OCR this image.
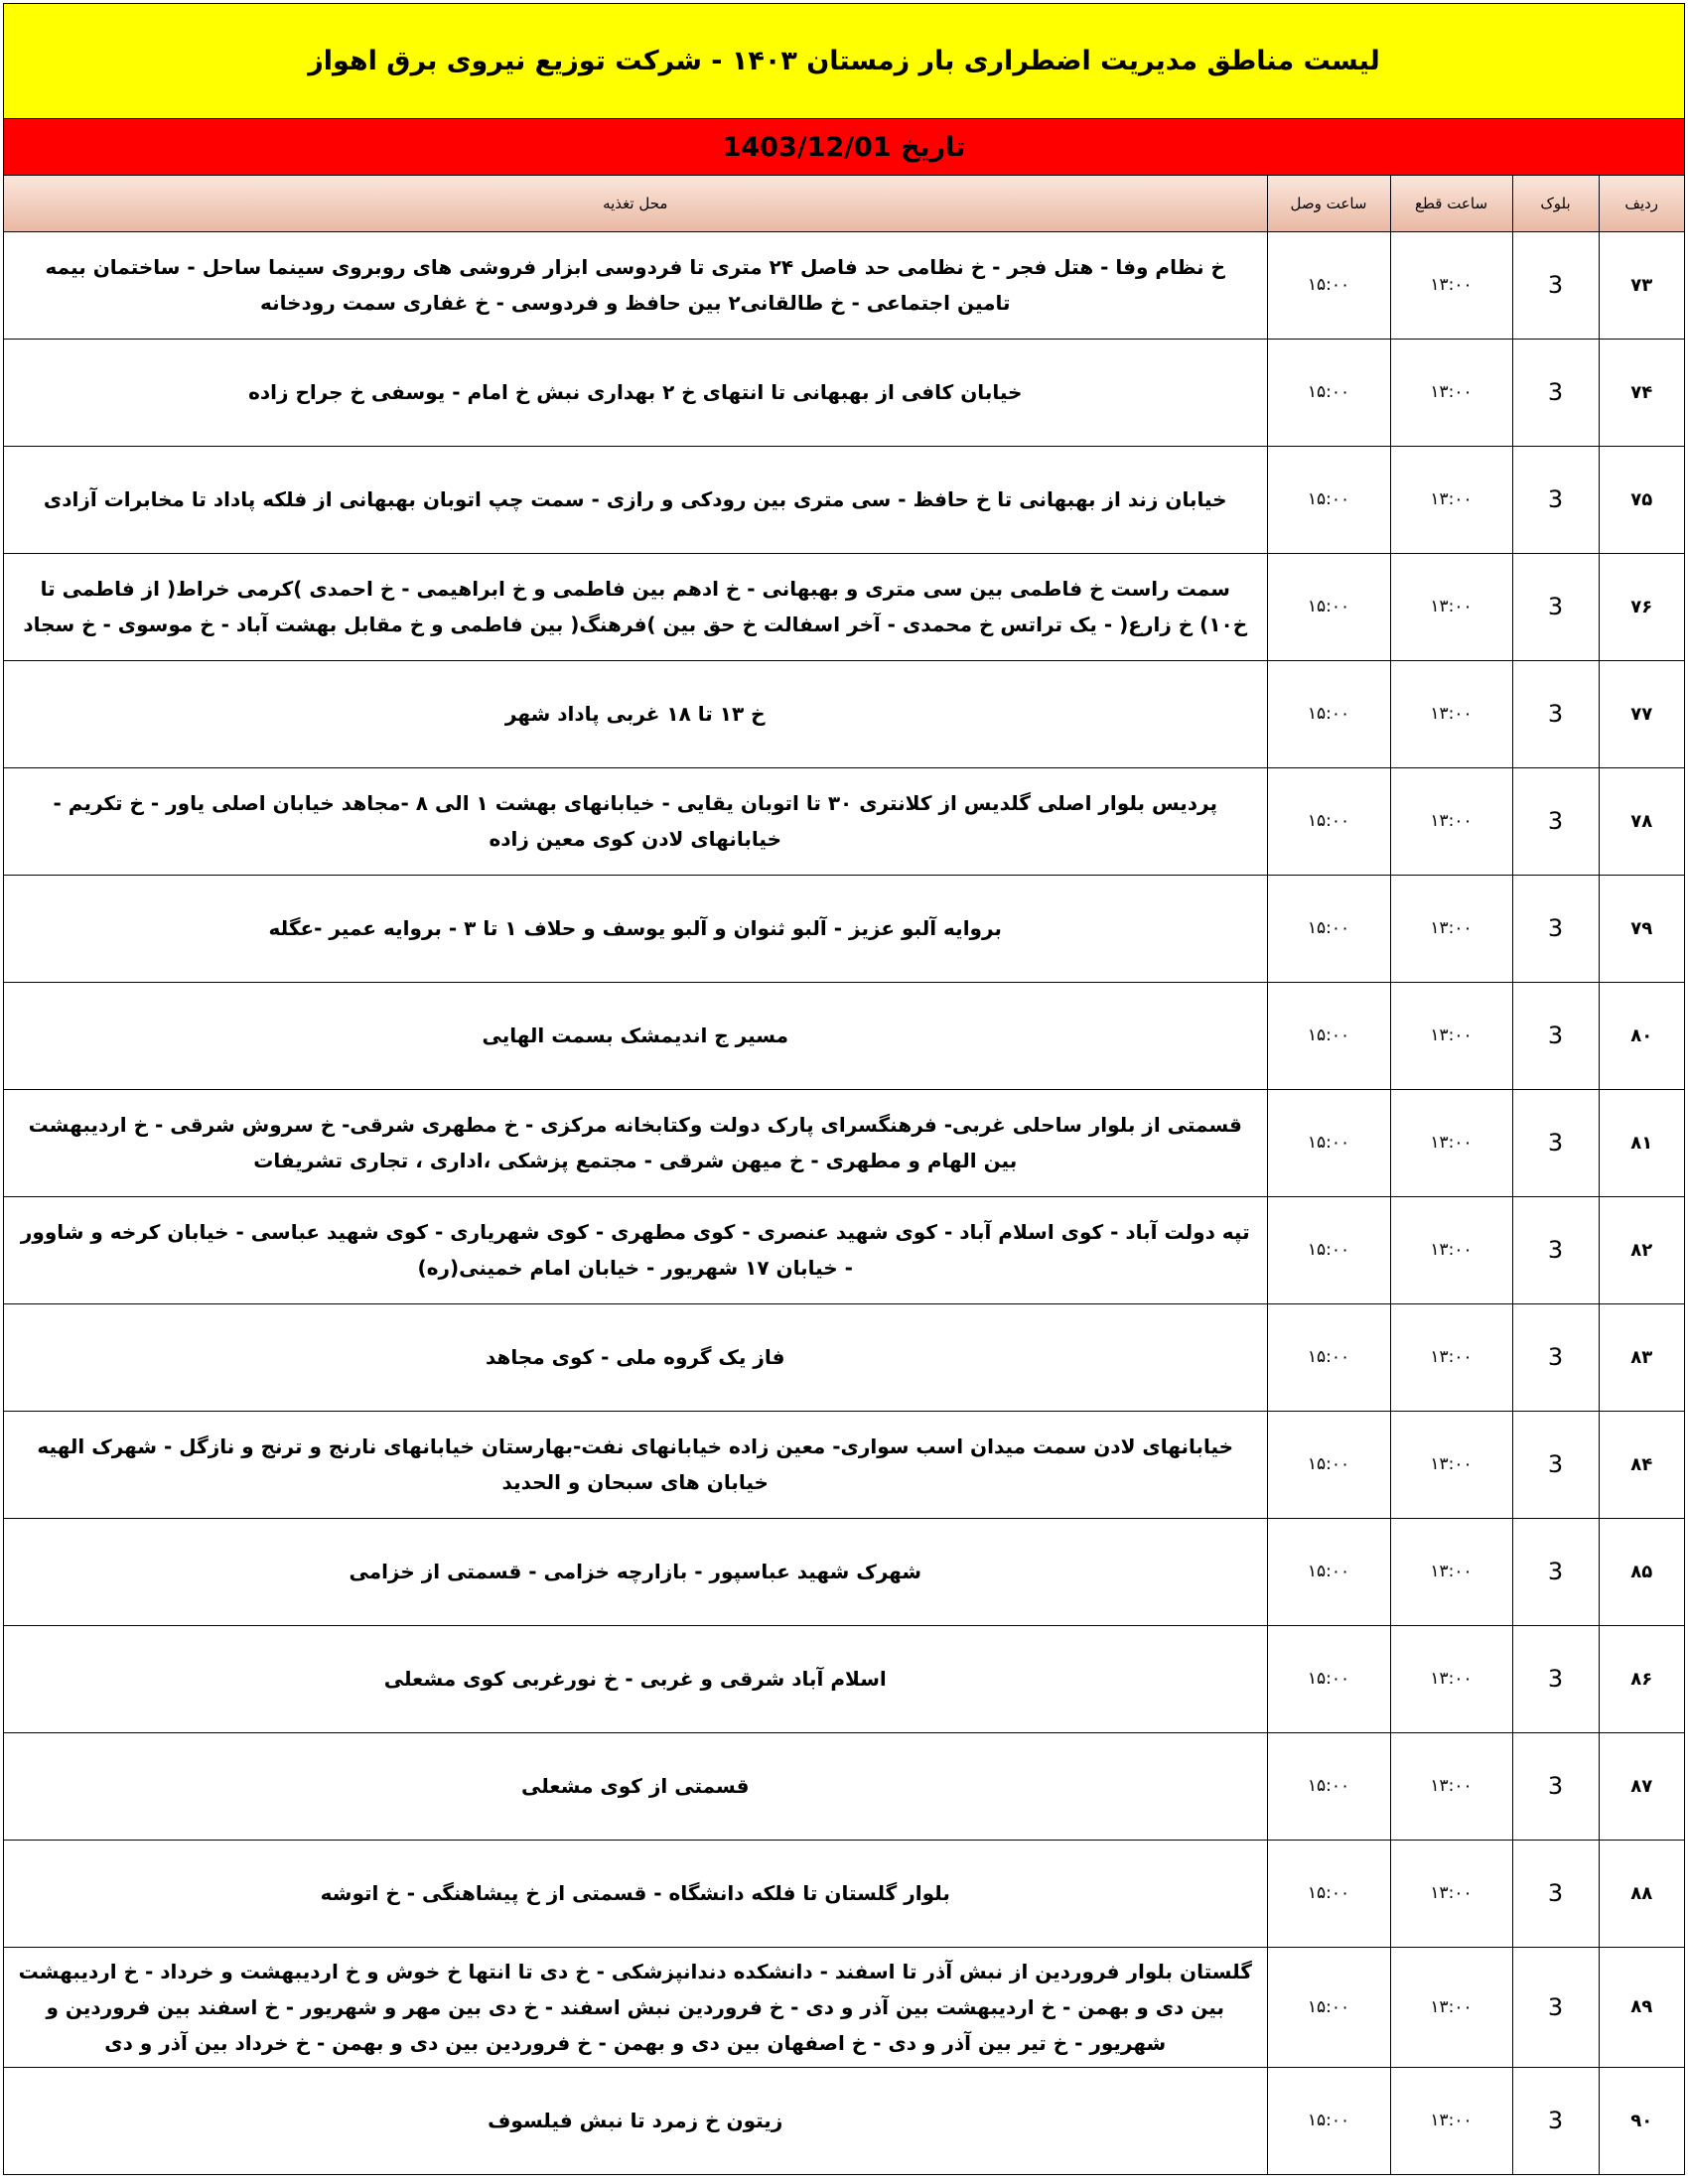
لیست مناطق مدیریت اضطراری بار زمستان ۱۴۰۳ - شرکت توزیع نیروی برق اهواز
تاریخ 1403/12/01
ردیف	بلوک	ساعت قطع	ساعت وصل	محل تغذیه
۷۳	3	۱۳:۰۰	۱۵:۰۰	خ نظام وفا - هتل فجر - خ نظامی حد فاصل ۲۴ متری تا فردوسی ابزار فروشی های روبروی سینما ساحل - ساختمان بیمه تامین اجتماعی - خ طالقانی۲ بین حافظ و فردوسی - خ غفاری سمت رودخانه
۷۴	3	۱۳:۰۰	۱۵:۰۰	خیابان کافی از بهبهانی تا انتهای خ ۲ بهداری نبش خ امام - یوسفی خ جراح زاده
۷۵	3	۱۳:۰۰	۱۵:۰۰	خیابان زند از بهبهانی تا خ حافظ - سی متری بین رودکی و رازی - سمت چپ اتوبان بهبهانی از فلکه پاداد تا مخابرات آزادی
۷۶	3	۱۳:۰۰	۱۵:۰۰	سمت راست خ فاطمی بین سی متری و بهبهانی - خ ادهم بین فاطمی و خ ابراهیمی - خ احمدی )کرمی خراط( از فاطمی تا خ۱۰) خ زارع( - یک تراتس خ محمدی - آخر اسفالت خ حق بین )فرهنگ( بین فاطمی و خ مقابل بهشت آباد - خ موسوی - خ سجاد
۷۷	3	۱۳:۰۰	۱۵:۰۰	خ ۱۳ تا ۱۸ غربی پاداد شهر
۷۸	3	۱۳:۰۰	۱۵:۰۰	پردیس بلوار اصلی گلدیس از کلانتری ۳۰ تا اتوبان یقایی - خیابانهای بهشت ۱ الی ۸ -مجاهد خیابان اصلی یاور - خ تکریم - خیابانهای لادن کوی معین زاده
۷۹	3	۱۳:۰۰	۱۵:۰۰	بروایه آلبو عزیز - آلبو ثنوان و آلبو یوسف و حلاف ۱ تا ۳ - بروایه عمیر -عگله
۸۰	3	۱۳:۰۰	۱۵:۰۰	مسیر ج اندیمشک بسمت الهایی
۸۱	3	۱۳:۰۰	۱۵:۰۰	قسمتی از بلوار ساحلی غربی- فرهنگسرای پارک دولت وکتابخانه مرکزی - خ مطهری شرقی- خ سروش شرقی - خ اردیبهشت بین الهام و مطهری - خ میهن شرقی - مجتمع پزشکی ،اداری ، تجاری تشریفات
۸۲	3	۱۳:۰۰	۱۵:۰۰	تپه دولت آباد - کوی اسلام آباد - کوی شهید عنصری - کوی مطهری - کوی شهریاری - کوی شهید عباسی - خیابان کرخه و شاوور - خیابان ۱۷ شهریور - خیابان امام خمینی(ره)
۸۳	3	۱۳:۰۰	۱۵:۰۰	فاز یک گروه ملی - کوی مجاهد
۸۴	3	۱۳:۰۰	۱۵:۰۰	خیابانهای لادن سمت میدان اسب سواری- معین زاده خیابانهای نفت-بهارستان خیابانهای نارنج و ترنج و نازگل - شهرک الهیه خیابان های سبحان و الحدید
۸۵	3	۱۳:۰۰	۱۵:۰۰	شهرک شهید عباسپور - بازارچه خزامی - قسمتی از خزامی
۸۶	3	۱۳:۰۰	۱۵:۰۰	اسلام آباد شرقی و غربی - خ نورغربی کوی مشعلی
۸۷	3	۱۳:۰۰	۱۵:۰۰	قسمتی از کوی مشعلی
۸۸	3	۱۳:۰۰	۱۵:۰۰	بلوار گلستان تا فلکه دانشگاه - قسمتی از خ پیشاهنگی - خ اتوشه
۸۹	3	۱۳:۰۰	۱۵:۰۰	گلستان بلوار فروردین از نبش آذر تا اسفند - دانشکده دندانپزشکی - خ دی تا انتها خ خوش و خ اردیبهشت و خرداد - خ اردیبهشت بین دی و بهمن - خ اردیبهشت بین آذر و دی - خ فروردین نبش اسفند - خ دی بین مهر و شهریور - خ اسفند بین فروردین و شهریور - خ تیر بین آذر و دی - خ اصفهان بین دی و بهمن - خ فروردین بین دی و بهمن - خ خرداد بین آذر و دی
۹۰	3	۱۳:۰۰	۱۵:۰۰	زیتون خ زمرد تا نبش فیلسوف
